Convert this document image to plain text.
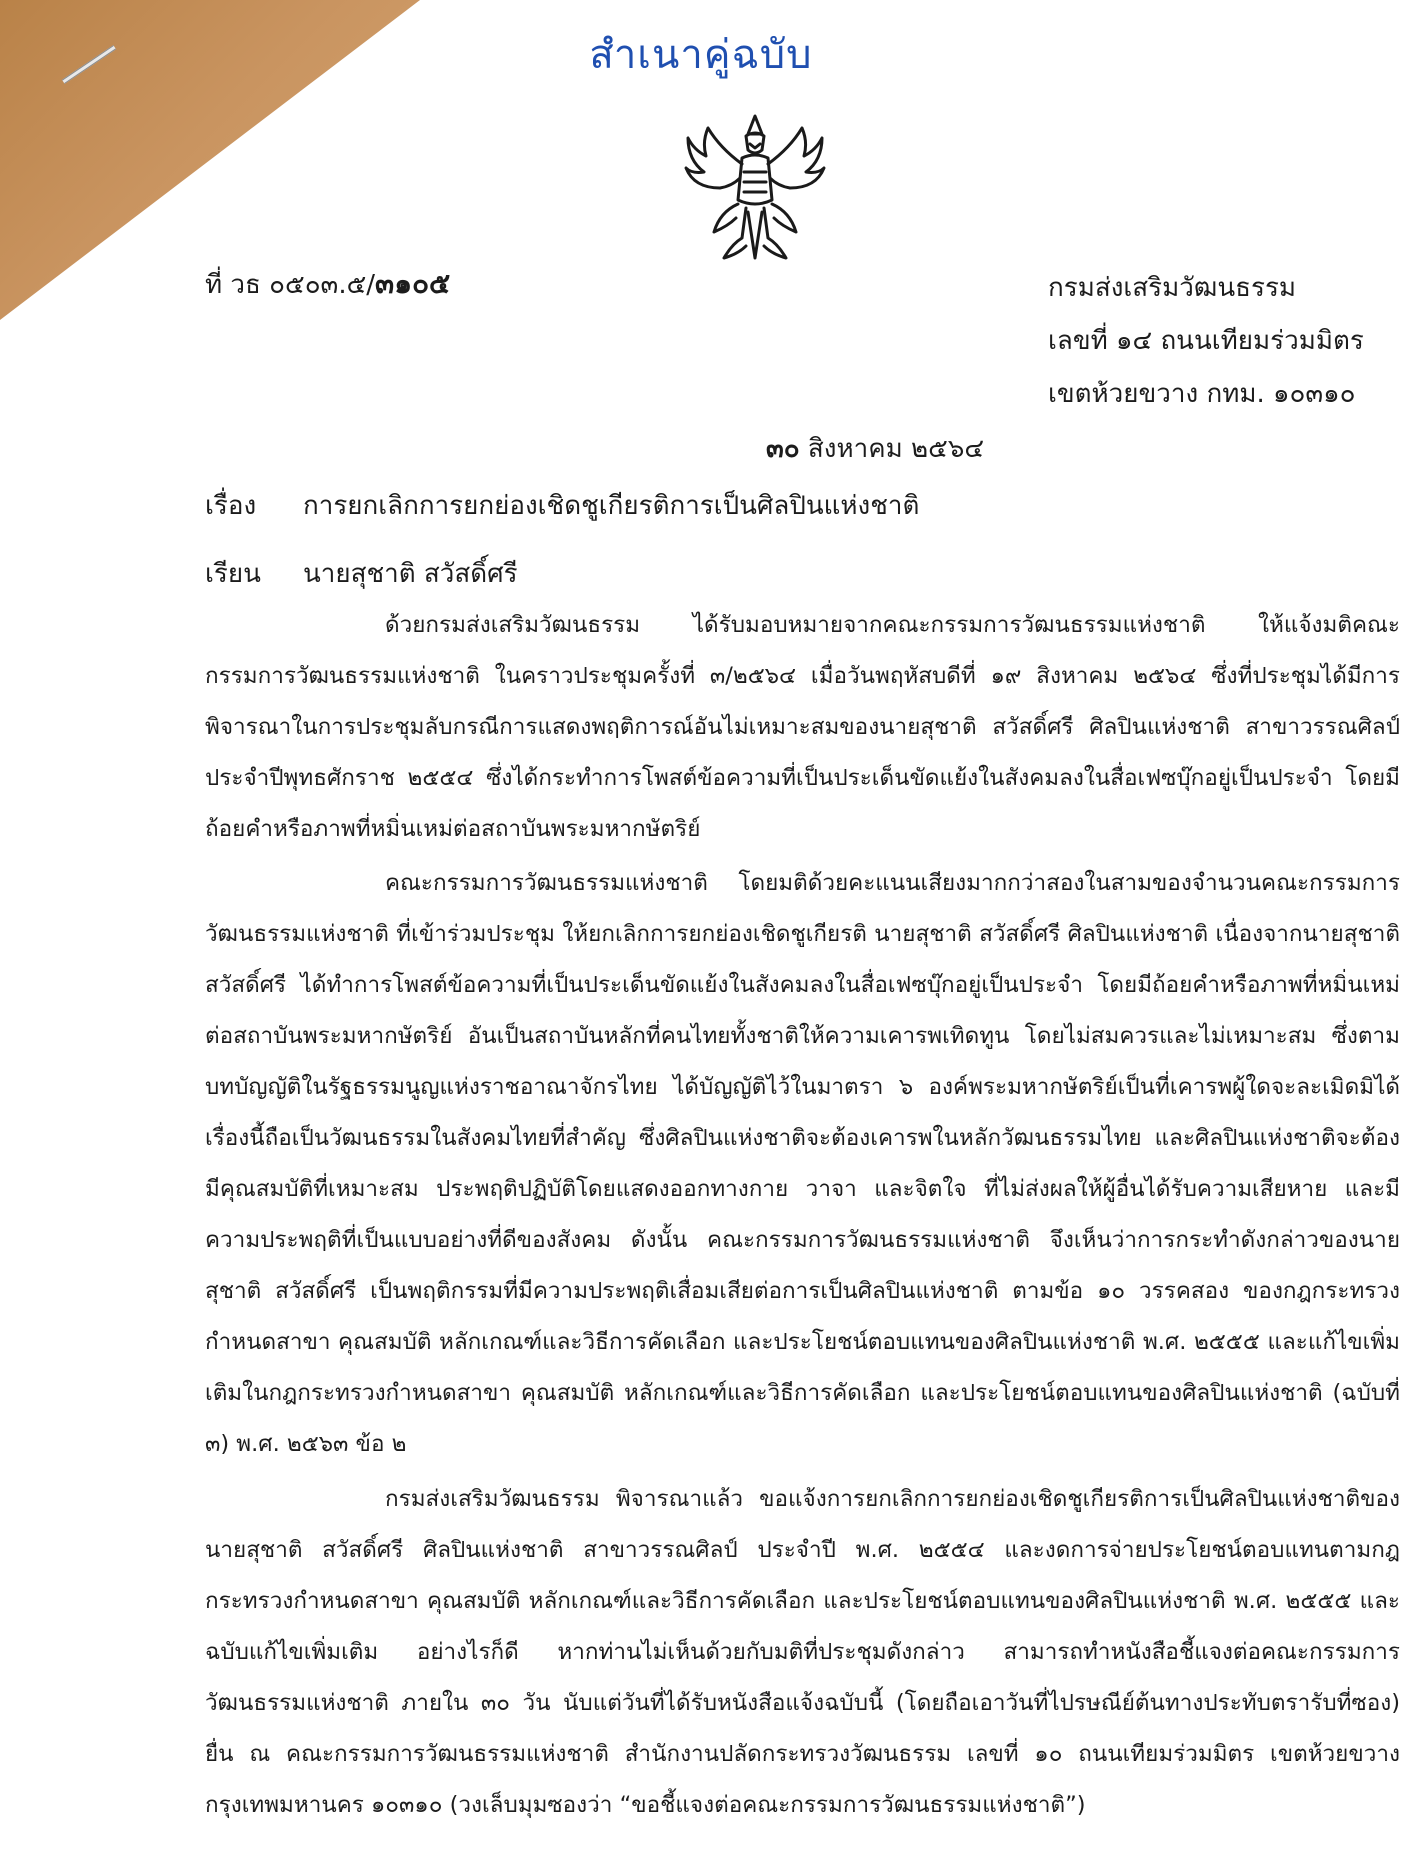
สำเนาคู่ฉบับ
ที่ วธ ๐๕๐๓.๕/๓๑๐๕	กรมส่งเสริมวัฒนธรรม
เลขที่ ๑๔ ถนนเทียมร่วมมิตร
เขตห้วยขวาง กทม. ๑๐๓๑๐
๓๐ สิงหาคม ๒๕๖๔
เรื่อง การยกเลิกการยกย่องเชิดชูเกียรติการเป็นศิลปินแห่งชาติ
เรียน นายสุชาติ สวัสดิ์ศรี

ด้วยกรมส่งเสริมวัฒนธรรม ได้รับมอบหมายจากคณะกรรมการวัฒนธรรมแห่งชาติ ให้แจ้งมติคณะกรรมการวัฒนธรรมแห่งชาติ ในคราวประชุมครั้งที่ ๓/๒๕๖๔ เมื่อวันพฤหัสบดีที่ ๑๙ สิงหาคม ๒๕๖๔ ซึ่งที่ประชุมได้มีการพิจารณาในการประชุมลับกรณีการแสดงพฤติการณ์อันไม่เหมาะสมของนายสุชาติ สวัสดิ์ศรี ศิลปินแห่งชาติ สาขาวรรณศิลป์ ประจำปีพุทธศักราช ๒๕๕๔ ซึ่งได้กระทำการโพสต์ข้อความที่เป็นประเด็นขัดแย้งในสังคมลงในสื่อเฟซบุ๊กอยู่เป็นประจำ โดยมีถ้อยคำหรือภาพที่หมิ่นเหม่ต่อสถาบันพระมหากษัตริย์

คณะกรรมการวัฒนธรรมแห่งชาติ โดยมติด้วยคะแนนเสียงมากกว่าสองในสามของจำนวนคณะกรรมการวัฒนธรรมแห่งชาติ ที่เข้าร่วมประชุม ให้ยกเลิกการยกย่องเชิดชูเกียรติ นายสุชาติ สวัสดิ์ศรี ศิลปินแห่งชาติ เนื่องจากนายสุชาติ สวัสดิ์ศรี ได้ทำการโพสต์ข้อความที่เป็นประเด็นขัดแย้งในสังคมลงในสื่อเฟซบุ๊กอยู่เป็นประจำ โดยมีถ้อยคำหรือภาพที่หมิ่นเหม่ต่อสถาบันพระมหากษัตริย์ อันเป็นสถาบันหลักที่คนไทยทั้งชาติให้ความเคารพเทิดทูน โดยไม่สมควรและไม่เหมาะสม ซึ่งตามบทบัญญัติในรัฐธรรมนูญแห่งราชอาณาจักรไทย ได้บัญญัติไว้ในมาตรา ๖ องค์พระมหากษัตริย์เป็นที่เคารพผู้ใดจะละเมิดมิได้ เรื่องนี้ถือเป็นวัฒนธรรมในสังคมไทยที่สำคัญ ซึ่งศิลปินแห่งชาติจะต้องเคารพในหลักวัฒนธรรมไทย และศิลปินแห่งชาติจะต้องมีคุณสมบัติที่เหมาะสม ประพฤติปฏิบัติโดยแสดงออกทางกาย วาจา และจิตใจ ที่ไม่ส่งผลให้ผู้อื่นได้รับความเสียหาย และมีความประพฤติที่เป็นแบบอย่างที่ดีของสังคม ดังนั้น คณะกรรมการวัฒนธรรมแห่งชาติ จึงเห็นว่าการกระทำดังกล่าวของนายสุชาติ สวัสดิ์ศรี เป็นพฤติกรรมที่มีความประพฤติเสื่อมเสียต่อการเป็นศิลปินแห่งชาติ ตามข้อ ๑๐ วรรคสอง ของกฎกระทรวงกำหนดสาขา คุณสมบัติ หลักเกณฑ์และวิธีการคัดเลือก และประโยชน์ตอบแทนของศิลปินแห่งชาติ พ.ศ. ๒๕๕๕ และแก้ไขเพิ่มเติมในกฎกระทรวงกำหนดสาขา คุณสมบัติ หลักเกณฑ์และวิธีการคัดเลือก และประโยชน์ตอบแทนของศิลปินแห่งชาติ (ฉบับที่ ๓) พ.ศ. ๒๕๖๓ ข้อ ๒

กรมส่งเสริมวัฒนธรรม พิจารณาแล้ว ขอแจ้งการยกเลิกการยกย่องเชิดชูเกียรติการเป็นศิลปินแห่งชาติของนายสุชาติ สวัสดิ์ศรี ศิลปินแห่งชาติ สาขาวรรณศิลป์ ประจำปี พ.ศ. ๒๕๕๔ และงดการจ่ายประโยชน์ตอบแทนตามกฎกระทรวงกำหนดสาขา คุณสมบัติ หลักเกณฑ์และวิธีการคัดเลือก และประโยชน์ตอบแทนของศิลปินแห่งชาติ พ.ศ. ๒๕๕๕ และฉบับแก้ไขเพิ่มเติม อย่างไรก็ดี หากท่านไม่เห็นด้วยกับมติที่ประชุมดังกล่าว สามารถทำหนังสือชี้แจงต่อคณะกรรมการวัฒนธรรมแห่งชาติ ภายใน ๓๐ วัน นับแต่วันที่ได้รับหนังสือแจ้งฉบับนี้ (โดยถือเอาวันที่ไปรษณีย์ต้นทางประทับตรารับที่ซอง) ยื่น ณ คณะกรรมการวัฒนธรรมแห่งชาติ สำนักงานปลัดกระทรวงวัฒนธรรม เลขที่ ๑๐ ถนนเทียมร่วมมิตร เขตห้วยขวาง กรุงเทพมหานคร ๑๐๓๑๐ (วงเล็บมุมซองว่า “ขอชี้แจงต่อคณะกรรมการวัฒนธรรมแห่งชาติ”)
